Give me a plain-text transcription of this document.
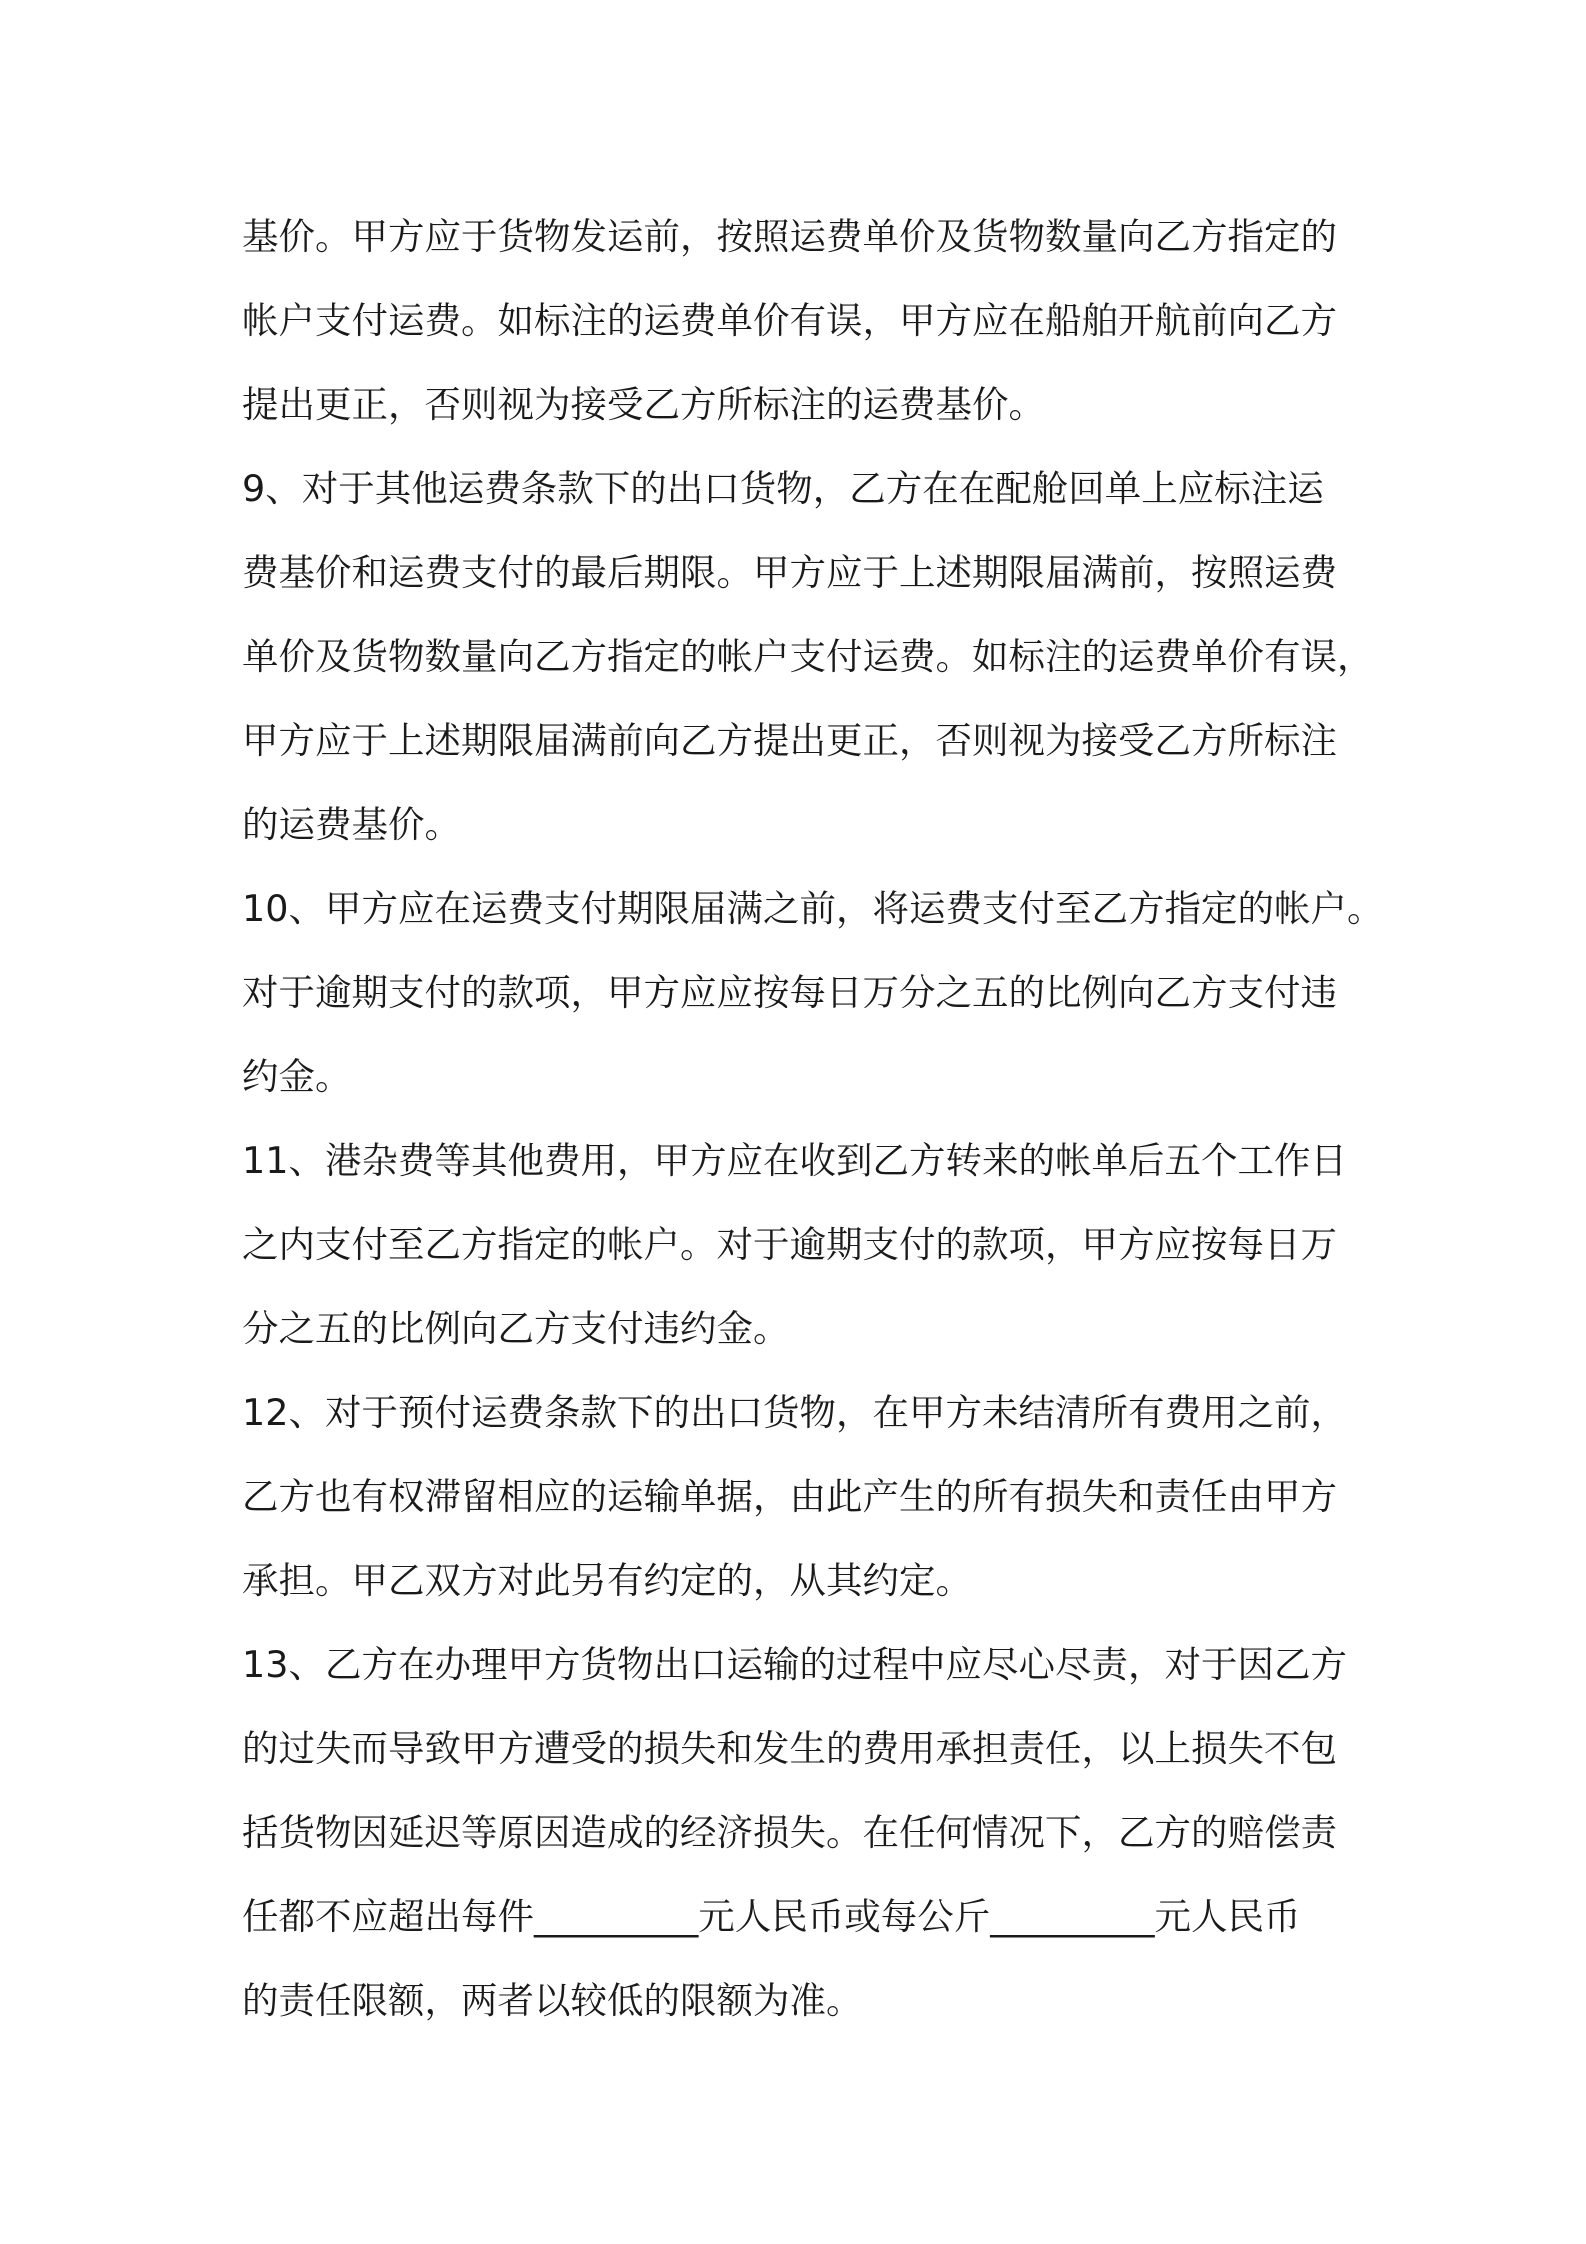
基价。甲方应于货物发运前，按照运费单价及货物数量向乙方指定的
帐户支付运费。如标注的运费单价有误，甲方应在船舶开航前向乙方
提出更正，否则视为接受乙方所标注的运费基价。
9、对于其他运费条款下的出口货物，乙方在在配舱回单上应标注运
费基价和运费支付的最后期限。甲方应于上述期限届满前，按照运费
单价及货物数量向乙方指定的帐户支付运费。如标注的运费单价有误，
甲方应于上述期限届满前向乙方提出更正，否则视为接受乙方所标注
的运费基价。
10、甲方应在运费支付期限届满之前，将运费支付至乙方指定的帐户。
对于逾期支付的款项，甲方应应按每日万分之五的比例向乙方支付违
约金。
11、港杂费等其他费用，甲方应在收到乙方转来的帐单后五个工作日
之内支付至乙方指定的帐户。对于逾期支付的款项，甲方应按每日万
分之五的比例向乙方支付违约金。
12、对于预付运费条款下的出口货物，在甲方未结清所有费用之前，
乙方也有权滞留相应的运输单据，由此产生的所有损失和责任由甲方
承担。甲乙双方对此另有约定的，从其约定。
13、乙方在办理甲方货物出口运输的过程中应尽心尽责，对于因乙方
的过失而导致甲方遭受的损失和发生的费用承担责任，以上损失不包
括货物因延迟等原因造成的经济损失。在任何情况下，乙方的赔偿责
任都不应超出每件_________元人民币或每公斤_________元人民币
的责任限额，两者以较低的限额为准。
